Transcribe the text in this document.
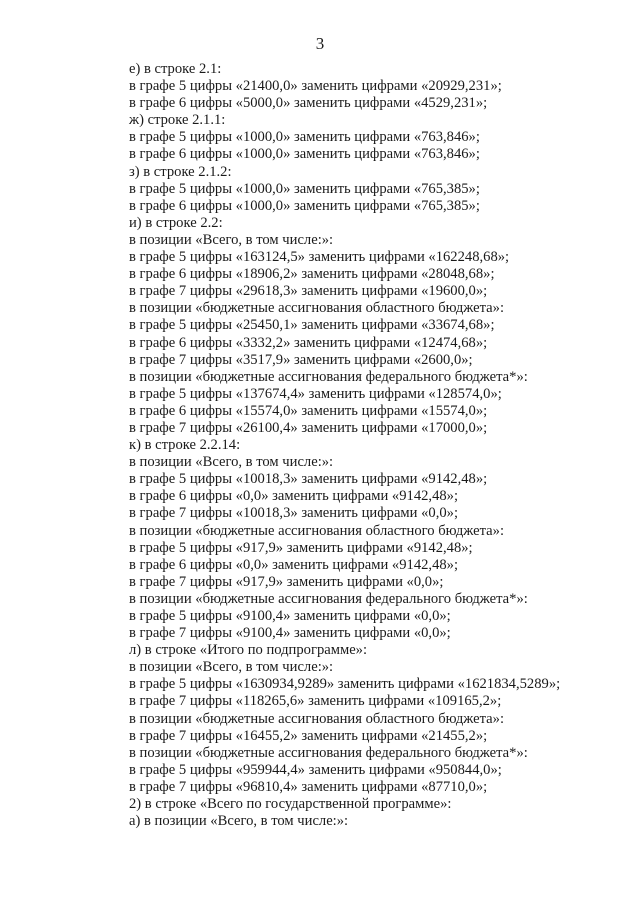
3
е) в строке 2.1:
в графе 5 цифры «21400,0» заменить цифрами «20929,231»;
в графе 6 цифры «5000,0» заменить цифрами «4529,231»;
ж) строке 2.1.1:
в графе 5 цифры «1000,0» заменить цифрами «763,846»;
в графе 6 цифры «1000,0» заменить цифрами «763,846»;
з) в строке 2.1.2:
в графе 5 цифры «1000,0» заменить цифрами «765,385»;
в графе 6 цифры «1000,0» заменить цифрами «765,385»;
и) в строке 2.2:
в позиции «Всего, в том числе:»:
в графе 5 цифры «163124,5» заменить цифрами «162248,68»;
в графе 6 цифры «18906,2» заменить цифрами «28048,68»;
в графе 7 цифры «29618,3» заменить цифрами «19600,0»;
в позиции «бюджетные ассигнования областного бюджета»:
в графе 5 цифры «25450,1» заменить цифрами «33674,68»;
в графе 6 цифры «3332,2» заменить цифрами «12474,68»;
в графе 7 цифры «3517,9» заменить цифрами «2600,0»;
в позиции «бюджетные ассигнования федерального бюджета*»:
в графе 5 цифры «137674,4» заменить цифрами «128574,0»;
в графе 6 цифры «15574,0» заменить цифрами «15574,0»;
в графе 7 цифры «26100,4» заменить цифрами «17000,0»;
к) в строке 2.2.14:
в позиции «Всего, в том числе:»:
в графе 5 цифры «10018,3» заменить цифрами «9142,48»;
в графе 6 цифры «0,0» заменить цифрами «9142,48»;
в графе 7 цифры «10018,3» заменить цифрами «0,0»;
в позиции «бюджетные ассигнования областного бюджета»:
в графе 5 цифры «917,9» заменить цифрами «9142,48»;
в графе 6 цифры «0,0» заменить цифрами «9142,48»;
в графе 7 цифры «917,9» заменить цифрами «0,0»;
в позиции «бюджетные ассигнования федерального бюджета*»:
в графе 5 цифры «9100,4» заменить цифрами «0,0»;
в графе 7 цифры «9100,4» заменить цифрами «0,0»;
л) в строке «Итого по подпрограмме»:
в позиции «Всего, в том числе:»:
в графе 5 цифры «1630934,9289» заменить цифрами «1621834,5289»;
в графе 7 цифры «118265,6» заменить цифрами «109165,2»;
в позиции «бюджетные ассигнования областного бюджета»:
в графе 7 цифры «16455,2» заменить цифрами «21455,2»;
в позиции «бюджетные ассигнования федерального бюджета*»:
в графе 5 цифры «959944,4» заменить цифрами «950844,0»;
в графе 7 цифры «96810,4» заменить цифрами «87710,0»;
2) в строке «Всего по государственной программе»:
а) в позиции «Всего, в том числе:»:
